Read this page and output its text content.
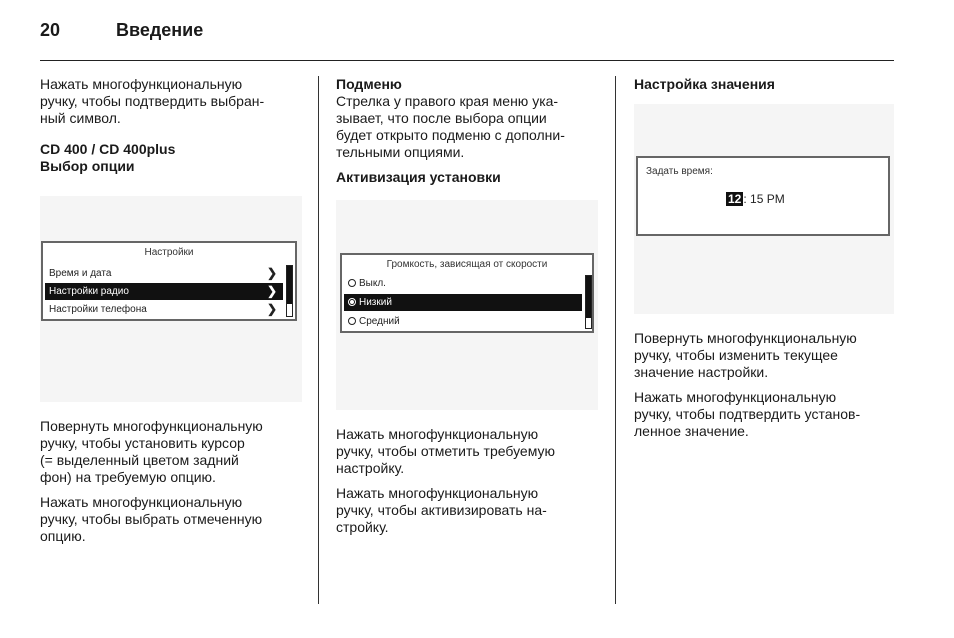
20	Введение

Нажать многофункциональную

ручку, чтобы подтвердить выбран-

ный символ.

CD 400 / CD 400plus

Выбор опции

Настройки
Время и дата	❯
Настройки радио	❯
Настройки телефона	❯

Повернуть многофункциональную

ручку, чтобы установить курсор

(= выделенный цветом задний

фон) на требуемую опцию.

Нажать многофункциональную

ручку, чтобы выбрать отмеченную

опцию.

Подменю

Стрелка у правого края меню ука-

зывает, что после выбора опции

будет открыто подменю с дополни-

тельными опциями.

Активизация установки

Громкость, зависящая от скорости
Выкл.
Низкий
Средний

Нажать многофункциональную

ручку, чтобы отметить требуемую

настройку.

Нажать многофункциональную

ручку, чтобы активизировать на-

стройку.

Настройка значения

Задать время:
12 : 15 PM

Повернуть многофункциональную

ручку, чтобы изменить текущее

значение настройки.

Нажать многофункциональную

ручку, чтобы подтвердить установ-

ленное значение.
